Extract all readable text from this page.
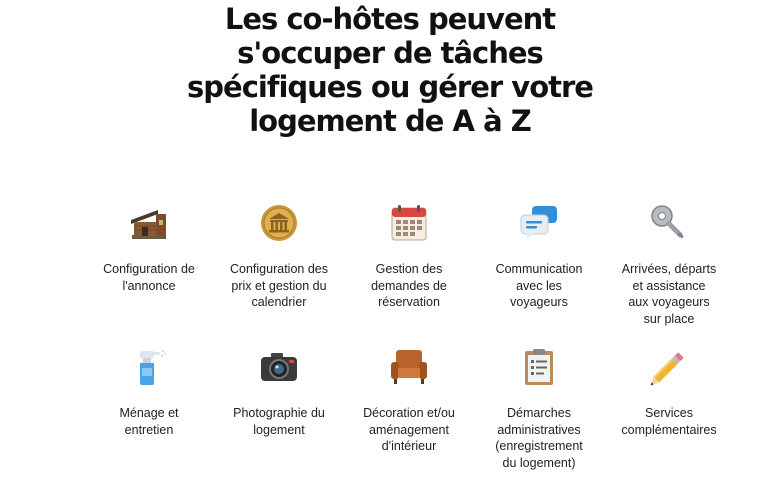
Les co-hôtes peuvent
s'occuper de tâches
spécifiques ou gérer votre
logement de A à Z
Configuration de
l'annonce
Configuration des
prix et gestion du
calendrier
Gestion des
demandes de
réservation
Communication
avec les
voyageurs
Arrivées, départs
et assistance
aux voyageurs
sur place
Ménage et
entretien
Photographie du
logement
Décoration et/ou
aménagement
d'intérieur
Démarches
administratives
(enregistrement
du logement)
Services
complémentaires
